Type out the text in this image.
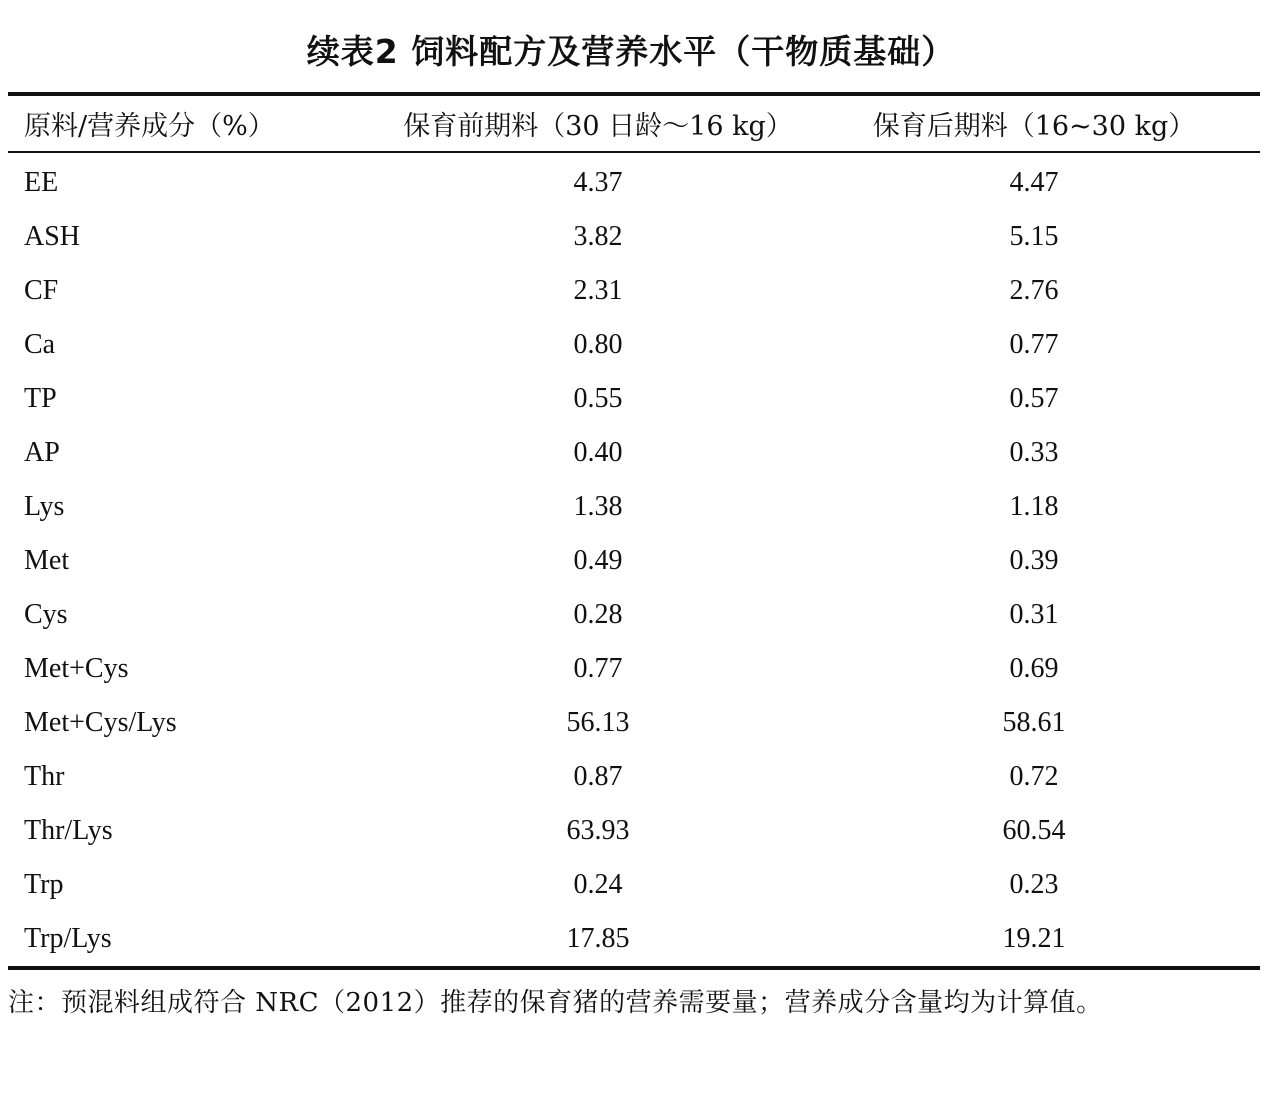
续表2 饲料配方及营养水平（干物质基础）
原料/营养成分（%）	保育前期料（30 日龄～16 kg）	保育后期料（16~30 kg）
EE	4.37	4.47
ASH	3.82	5.15
CF	2.31	2.76
Ca	0.80	0.77
TP	0.55	0.57
AP	0.40	0.33
Lys	1.38	1.18
Met	0.49	0.39
Cys	0.28	0.31
Met+Cys	0.77	0.69
Met+Cys/Lys	56.13	58.61
Thr	0.87	0.72
Thr/Lys	63.93	60.54
Trp	0.24	0.23
Trp/Lys	17.85	19.21
注：预混料组成符合 NRC（2012）推荐的保育猪的营养需要量；营养成分含量均为计算值。
